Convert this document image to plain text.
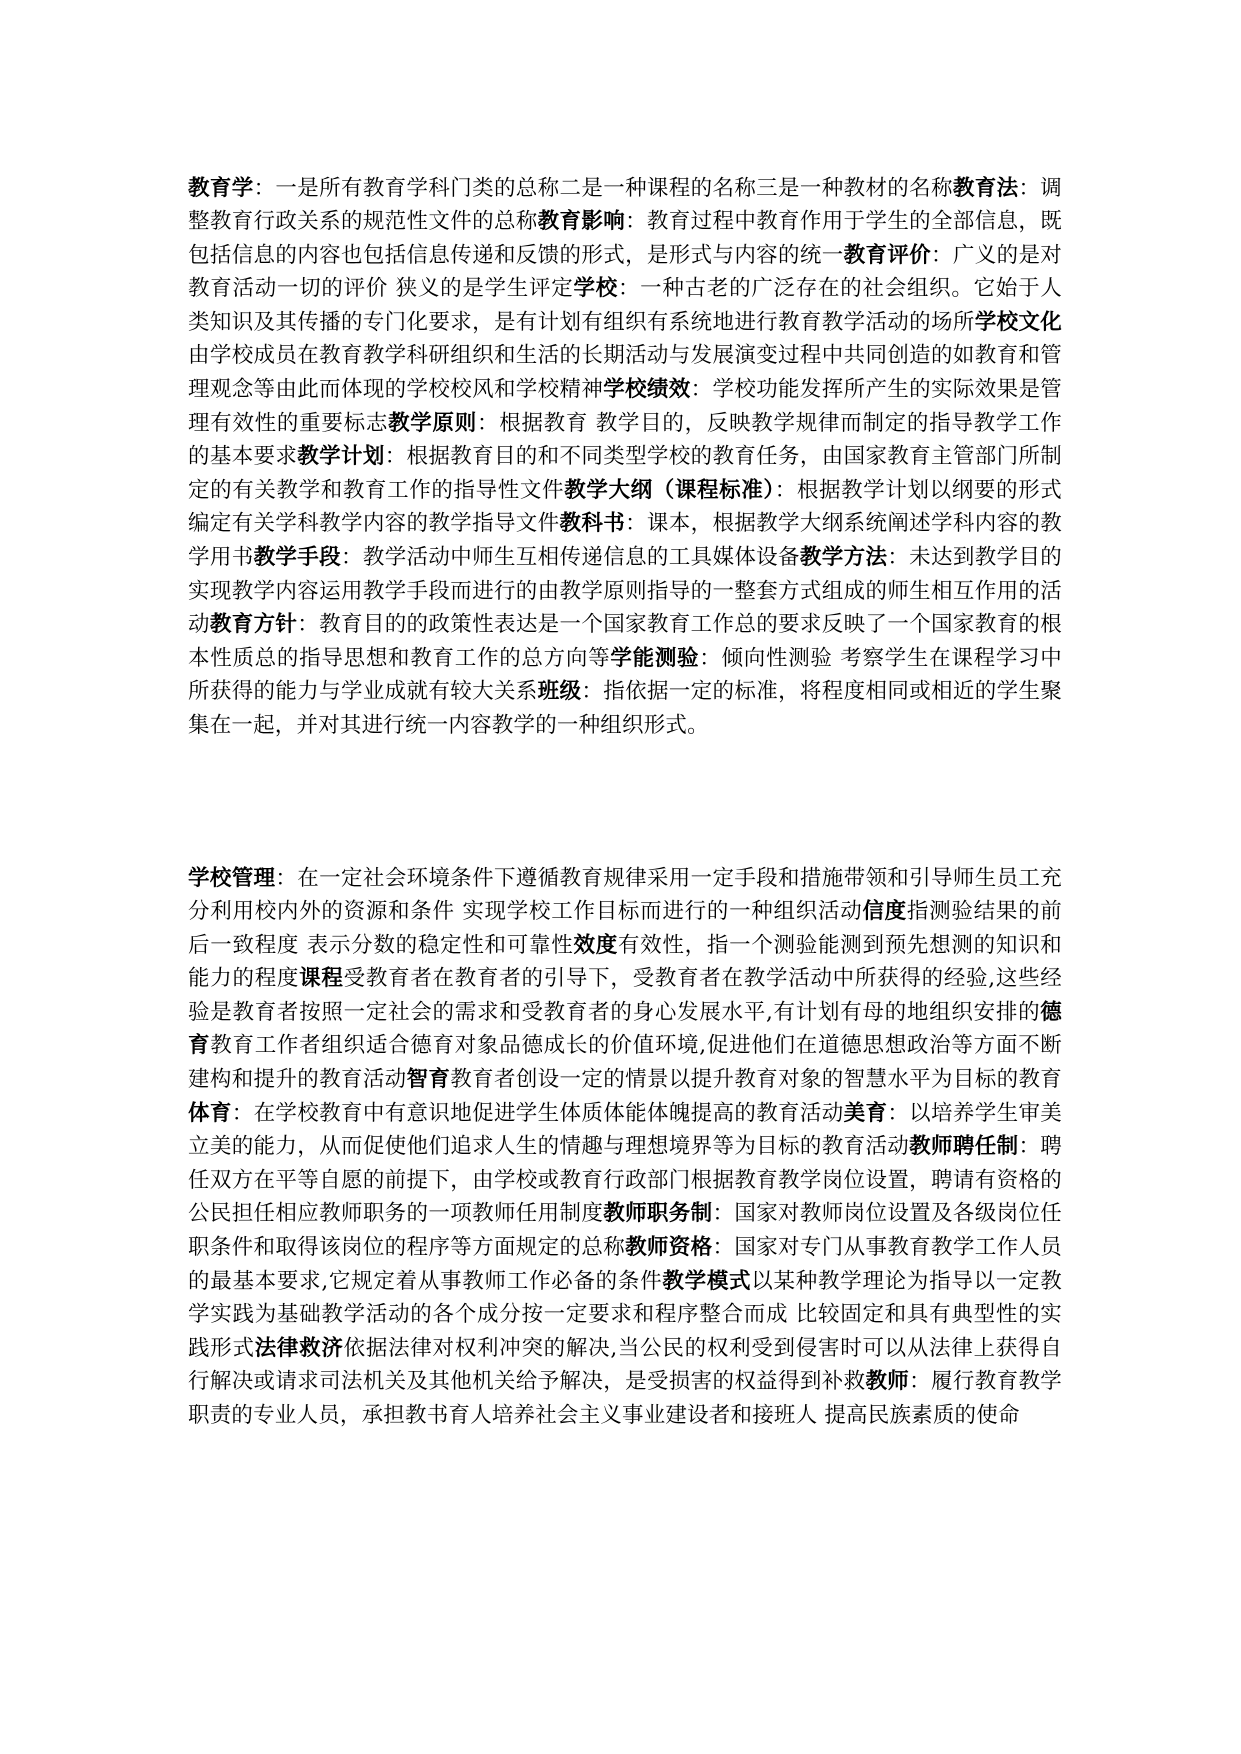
教育学：一是所有教育学科门类的总称二是一种课程的名称三是一种教材的名称教育法：调整教育行政关系的规范性文件的总称教育影响：教育过程中教育作用于学生的全部信息，既包括信息的内容也包括信息传递和反馈的形式，是形式与内容的统一教育评价：广义的是对教育活动一切的评价 狭义的是学生评定学校：一种古老的广泛存在的社会组织。它始于人类知识及其传播的专门化要求，是有计划有组织有系统地进行教育教学活动的场所学校文化由学校成员在教育教学科研组织和生活的长期活动与发展演变过程中共同创造的如教育和管理观念等由此而体现的学校校风和学校精神学校绩效：学校功能发挥所产生的实际效果是管理有效性的重要标志教学原则：根据教育 教学目的，反映教学规律而制定的指导教学工作的基本要求教学计划：根据教育目的和不同类型学校的教育任务，由国家教育主管部门所制定的有关教学和教育工作的指导性文件教学大纲（课程标准）：根据教学计划以纲要的形式编定有关学科教学内容的教学指导文件教科书：课本，根据教学大纲系统阐述学科内容的教学用书教学手段：教学活动中师生互相传递信息的工具媒体设备教学方法：未达到教学目的实现教学内容运用教学手段而进行的由教学原则指导的一整套方式组成的师生相互作用的活动教育方针：教育目的的政策性表达是一个国家教育工作总的要求反映了一个国家教育的根本性质总的指导思想和教育工作的总方向等学能测验：倾向性测验 考察学生在课程学习中所获得的能力与学业成就有较大关系班级：指依据一定的标准，将程度相同或相近的学生聚集在一起，并对其进行统一内容教学的一种组织形式。

学校管理：在一定社会环境条件下遵循教育规律采用一定手段和措施带领和引导师生员工充分利用校内外的资源和条件 实现学校工作目标而进行的一种组织活动信度指测验结果的前后一致程度 表示分数的稳定性和可靠性效度有效性，指一个测验能测到预先想测的知识和能力的程度课程受教育者在教育者的引导下，受教育者在教学活动中所获得的经验,这些经验是教育者按照一定社会的需求和受教育者的身心发展水平,有计划有母的地组织安排的德育教育工作者组织适合德育对象品德成长的价值环境,促进他们在道德思想政治等方面不断建构和提升的教育活动智育教育者创设一定的情景以提升教育对象的智慧水平为目标的教育体育：在学校教育中有意识地促进学生体质体能体魄提高的教育活动美育：以培养学生审美立美的能力，从而促使他们追求人生的情趣与理想境界等为目标的教育活动教师聘任制：聘任双方在平等自愿的前提下，由学校或教育行政部门根据教育教学岗位设置，聘请有资格的公民担任相应教师职务的一项教师任用制度教师职务制：国家对教师岗位设置及各级岗位任职条件和取得该岗位的程序等方面规定的总称教师资格：国家对专门从事教育教学工作人员的最基本要求,它规定着从事教师工作必备的条件教学模式以某种教学理论为指导以一定教学实践为基础教学活动的各个成分按一定要求和程序整合而成 比较固定和具有典型性的实践形式法律救济依据法律对权利冲突的解决,当公民的权利受到侵害时可以从法律上获得自行解决或请求司法机关及其他机关给予解决，是受损害的权益得到补救教师：履行教育教学职责的专业人员，承担教书育人培养社会主义事业建设者和接班人 提高民族素质的使命
